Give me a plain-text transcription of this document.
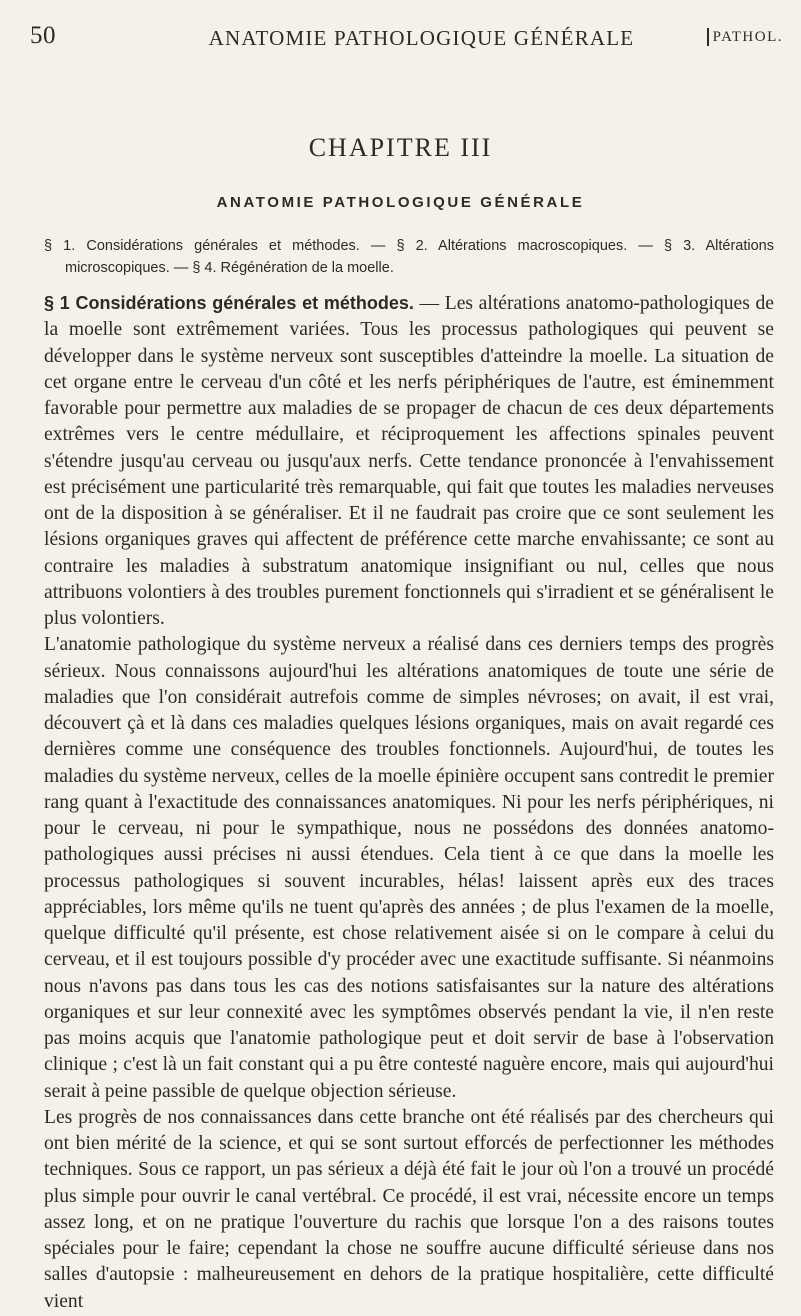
50	ANATOMIE PATHOLOGIQUE GÉNÉRALE	PATHOL.
CHAPITRE III
ANATOMIE PATHOLOGIQUE GÉNÉRALE
§ 1. Considérations générales et méthodes. — § 2. Altérations macroscopiques. — § 3. Altérations
microscopiques. — § 4. Régénération de la moelle.

§ 1 Considérations générales et méthodes. — Les altérations anatomo-pathologiques de la moelle sont extrêmement variées. Tous les processus pathologiques qui peuvent se développer dans le système nerveux sont susceptibles d'atteindre la moelle. La situation de cet organe entre le cerveau d'un côté et les nerfs périphériques de l'autre, est éminemment favorable pour permettre aux maladies de se propager de chacun de ces deux départements extrêmes vers le centre médullaire, et réciproquement les affections spinales peuvent s'étendre jusqu'au cerveau ou jusqu'aux nerfs. Cette tendance prononcée à l'envahissement est précisément une particularité très remarquable, qui fait que toutes les maladies nerveuses ont de la disposition à se généraliser. Et il ne faudrait pas croire que ce sont seulement les lésions organiques graves qui affectent de préférence cette marche envahissante; ce sont au contraire les maladies à substratum anatomique insignifiant ou nul, celles que nous attribuons volontiers à des troubles purement fonctionnels qui s'irradient et se généralisent le plus volontiers.

L'anatomie pathologique du système nerveux a réalisé dans ces derniers temps des progrès sérieux. Nous connaissons aujourd'hui les altérations anatomiques de toute une série de maladies que l'on considérait autrefois comme de simples névroses; on avait, il est vrai, découvert çà et là dans ces maladies quelques lésions organiques, mais on avait regardé ces dernières comme une conséquence des troubles fonctionnels. Aujourd'hui, de toutes les maladies du système nerveux, celles de la moelle épinière occupent sans contredit le premier rang quant à l'exactitude des connaissances anatomiques. Ni pour les nerfs périphériques, ni pour le cerveau, ni pour le sympathique, nous ne possédons des données anatomo-pathologiques aussi précises ni aussi étendues. Cela tient à ce que dans la moelle les processus pathologiques si souvent incurables, hélas! laissent après eux des traces appréciables, lors même qu'ils ne tuent qu'après des années ; de plus l'examen de la moelle, quelque difficulté qu'il présente, est chose relativement aisée si on le compare à celui du cerveau, et il est toujours possible d'y procéder avec une exactitude suffisante. Si néanmoins nous n'avons pas dans tous les cas des notions satisfaisantes sur la nature des altérations organiques et sur leur connexité avec les symptômes observés pendant la vie, il n'en reste pas moins acquis que l'anatomie pathologique peut et doit servir de base à l'observation clinique ; c'est là un fait constant qui a pu être contesté naguère encore, mais qui aujourd'hui serait à peine passible de quelque objection sérieuse.

Les progrès de nos connaissances dans cette branche ont été réalisés par des chercheurs qui ont bien mérité de la science, et qui se sont surtout efforcés de perfectionner les méthodes techniques. Sous ce rapport, un pas sérieux a déjà été fait le jour où l'on a trouvé un procédé plus simple pour ouvrir le canal vertébral. Ce procédé, il est vrai, nécessite encore un temps assez long, et on ne pratique l'ouverture du rachis que lorsque l'on a des raisons toutes spéciales pour le faire; cependant la chose ne souffre aucune difficulté sérieuse dans nos salles d'autopsie : malheureusement en dehors de la pratique hospitalière, cette difficulté vient
